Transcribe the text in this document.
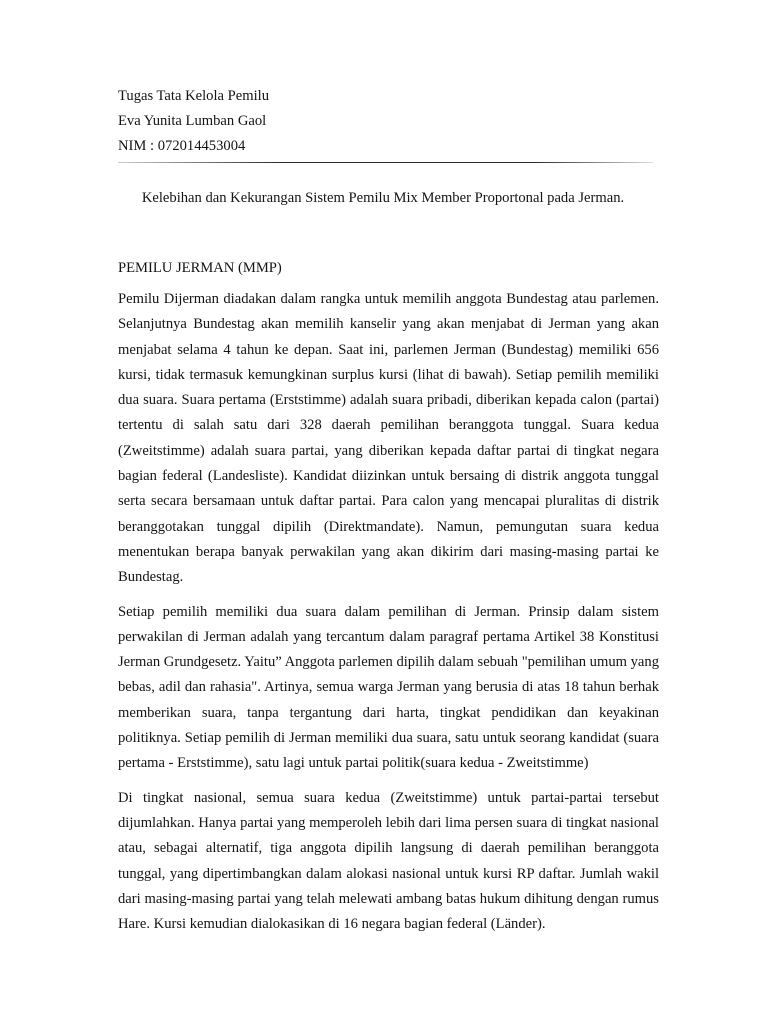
Tugas Tata Kelola Pemilu
Eva Yunita Lumban Gaol
NIM : 072014453004
Kelebihan dan Kekurangan Sistem Pemilu Mix Member Proportonal pada Jerman.
PEMILU JERMAN (MMP)

Pemilu Dijerman diadakan dalam rangka untuk memilih anggota Bundestag atau parlemen. Selanjutnya Bundestag akan memilih kanselir yang akan menjabat di Jerman yang akan menjabat selama 4 tahun ke depan. Saat ini, parlemen Jerman (Bundestag) memiliki 656 kursi, tidak termasuk kemungkinan surplus kursi (lihat di bawah). Setiap pemilih memiliki dua suara. Suara pertama (Erststimme) adalah suara pribadi, diberikan kepada calon (partai) tertentu di salah satu dari 328 daerah pemilihan beranggota tunggal. Suara kedua (Zweitstimme) adalah suara partai, yang diberikan kepada daftar partai di tingkat negara bagian federal (Landesliste). Kandidat diizinkan untuk bersaing di distrik anggota tunggal serta secara bersamaan untuk daftar partai. Para calon yang mencapai pluralitas di distrik beranggotakan tunggal dipilih (Direktmandate). Namun, pemungutan suara kedua menentukan berapa banyak perwakilan yang akan dikirim dari masing-masing partai ke Bundestag.

Setiap pemilih memiliki dua suara dalam pemilihan di Jerman. Prinsip dalam sistem perwakilan di Jerman adalah yang tercantum dalam paragraf pertama Artikel 38 Konstitusi Jerman Grundgesetz. Yaitu” Anggota parlemen dipilih dalam sebuah "pemilihan umum yang bebas, adil dan rahasia". Artinya, semua warga Jerman yang berusia di atas 18 tahun berhak memberikan suara, tanpa tergantung dari harta, tingkat pendidikan dan keyakinan politiknya. Setiap pemilih di Jerman memiliki dua suara, satu untuk seorang kandidat (suara pertama - Erststimme), satu lagi untuk partai politik(suara kedua - Zweitstimme)

Di tingkat nasional, semua suara kedua (Zweitstimme) untuk partai-partai tersebut dijumlahkan. Hanya partai yang memperoleh lebih dari lima persen suara di tingkat nasional atau, sebagai alternatif, tiga anggota dipilih langsung di daerah pemilihan beranggota tunggal, yang dipertimbangkan dalam alokasi nasional untuk kursi RP daftar. Jumlah wakil dari masing-masing partai yang telah melewati ambang batas hukum dihitung dengan rumus Hare. Kursi kemudian dialokasikan di 16 negara bagian federal (Länder).
